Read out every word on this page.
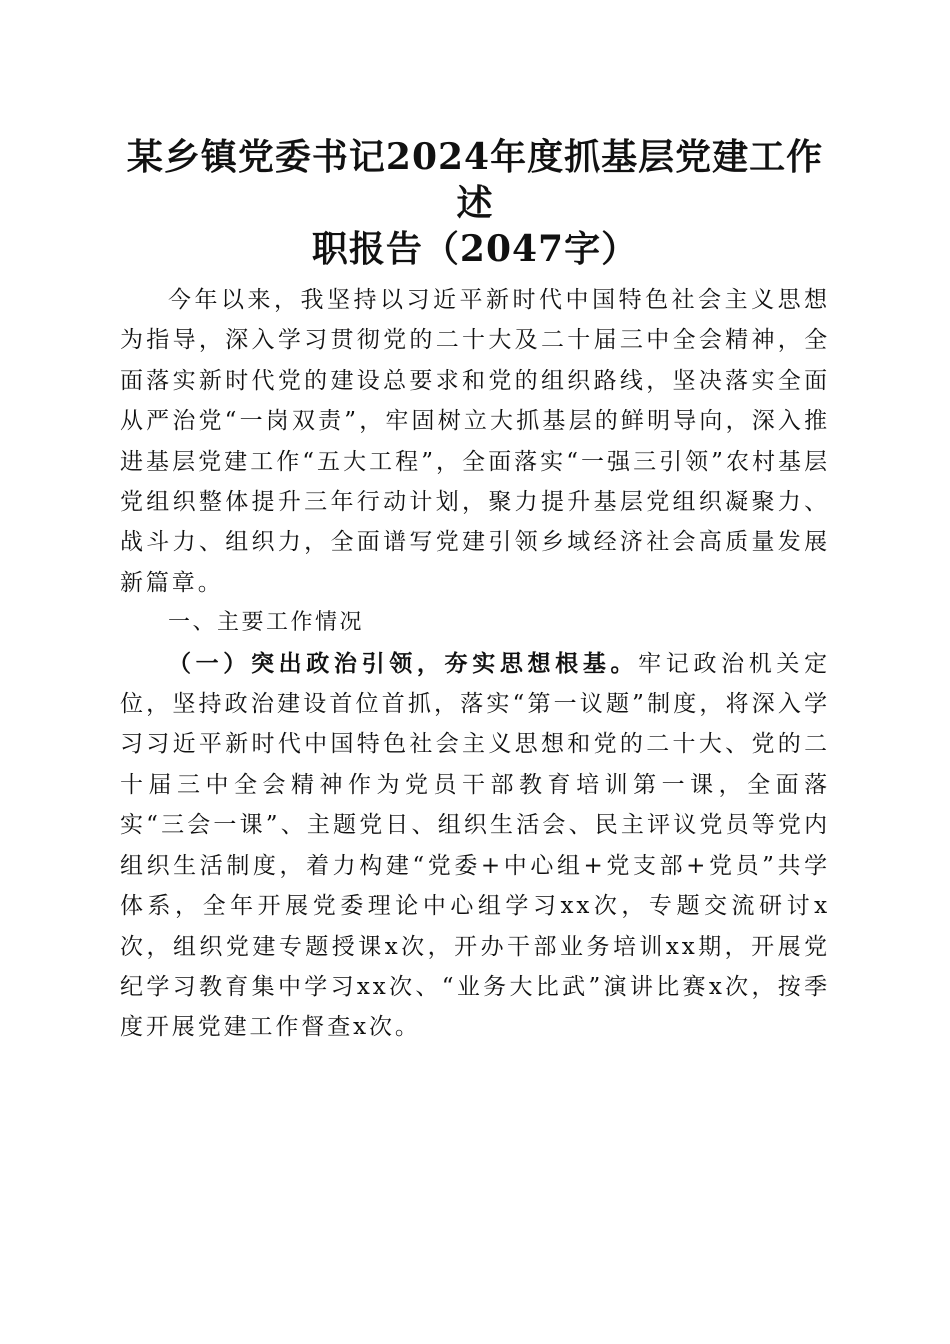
某乡镇党委书记2024年度抓基层党建工作述
职报告（2047字）

今年以来，我坚持以习近平新时代中国特色社会主义思想为指导，深入学习贯彻党的二十大及二十届三中全会精神，全面落实新时代党的建设总要求和党的组织路线，坚决落实全面从严治党“一岗双责”，牢固树立大抓基层的鲜明导向，深入推进基层党建工作“五大工程”，全面落实“一强三引领”农村基层党组织整体提升三年行动计划，聚力提升基层党组织凝聚力、战斗力、组织力，全面谱写党建引领乡域经济社会高质量发展新篇章。

一、主要工作情况

（一）突出政治引领，夯实思想根基。牢记政治机关定位，坚持政治建设首位首抓，落实“第一议题”制度，将深入学习习近平新时代中国特色社会主义思想和党的二十大、党的二十届三中全会精神作为党员干部教育培训第一课，全面落实“三会一课”、主题党日、组织生活会、民主评议党员等党内组织生活制度，着力构建“党委+中心组+党支部+党员”共学体系，全年开展党委理论中心组学习xx次，专题交流研讨x次，组织党建专题授课x次，开办干部业务培训xx期，开展党纪学习教育集中学习xx次、“业务大比武”演讲比赛x次，按季度开展党建工作督查x次。
